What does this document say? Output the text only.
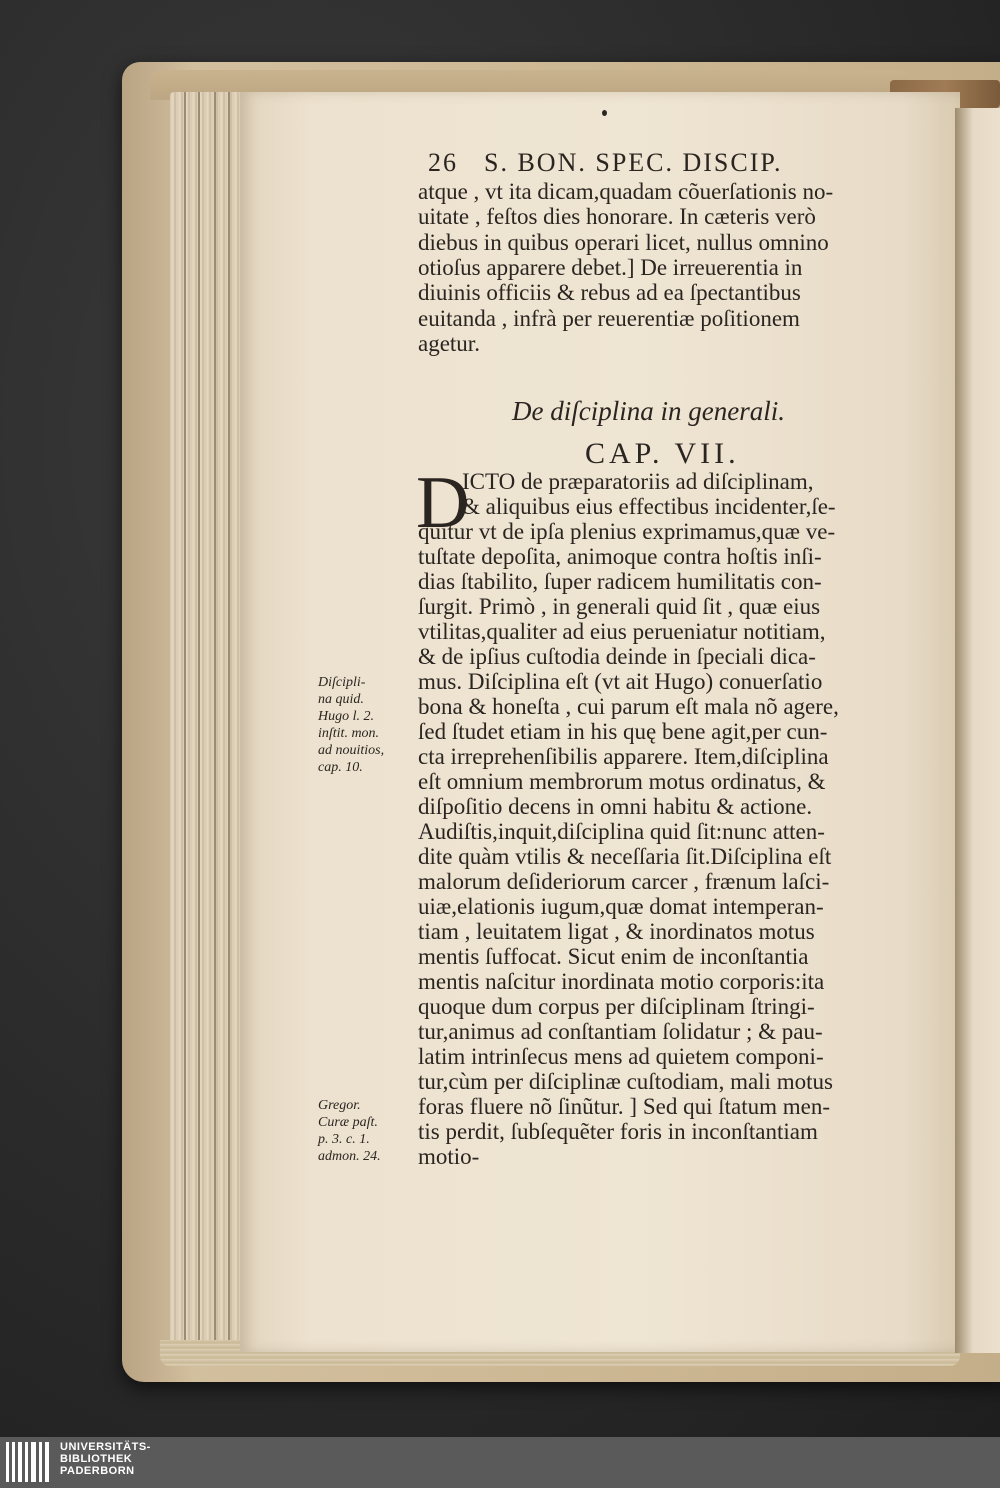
26 S. BON. SPEC. DISCIP.
atque , vt ita dicam,quadam cõuerſationis no-
uitate , feſtos dies honorare. In cæteris verò
diebus in quibus operari licet, nullus omnino
otioſus apparere debet.] De irreuerentia in
diuinis officiis & rebus ad ea ſpectantibus
euitanda , infrà per reuerentiæ poſitionem
agetur.
De diſciplina in generali.
CAP. VII.
D
ICTO de præparatoriis ad diſciplinam,
& aliquibus eius effectibus incidenter,ſe-
quitur vt de ipſa plenius exprimamus,quæ ve-
tuſtate depoſita, animoque contra hoſtis inſi-
dias ſtabilito, ſuper radicem humilitatis con-
ſurgit. Primò , in generali quid ſit , quæ eius
vtilitas,qualiter ad eius perueniatur notitiam,
& de ipſius cuſtodia deinde in ſpeciali dica-
mus. Diſciplina eſt (vt ait Hugo) conuerſatio
bona & honeſta , cui parum eſt mala nõ agere,
ſed ſtudet etiam in his quę bene agit,per cun-
cta irreprehenſibilis apparere. Item,diſciplina
eſt omnium membrorum motus ordinatus, &
diſpoſitio decens in omni habitu & actione.
Audiſtis,inquit,diſciplina quid ſit:nunc atten-
dite quàm vtilis & neceſſaria ſit.Diſciplina eſt
malorum deſideriorum carcer , frænum laſci-
uiæ,elationis iugum,quæ domat intemperan-
tiam , leuitatem ligat , & inordinatos motus
mentis ſuffocat. Sicut enim de inconſtantia
mentis naſcitur inordinata motio corporis:ita
quoque dum corpus per diſciplinam ſtringi-
tur,animus ad conſtantiam ſolidatur ; & pau-
latim intrinſecus mens ad quietem componi-
tur,cùm per diſciplinæ cuſtodiam, mali motus
foras fluere nõ ſinũtur. ] Sed qui ſtatum men-
tis perdit, ſubſequẽter foris in inconſtantiam
motio-
Diſcipli-
na quid.
Hugo l. 2.
inſtit. mon.
ad nouitios,
cap. 10.
Gregor.
Curæ paſt.
p. 3. c. 1.
admon. 24.
UNIVERSITÄTS-
BIBLIOTHEK
PADERBORN
